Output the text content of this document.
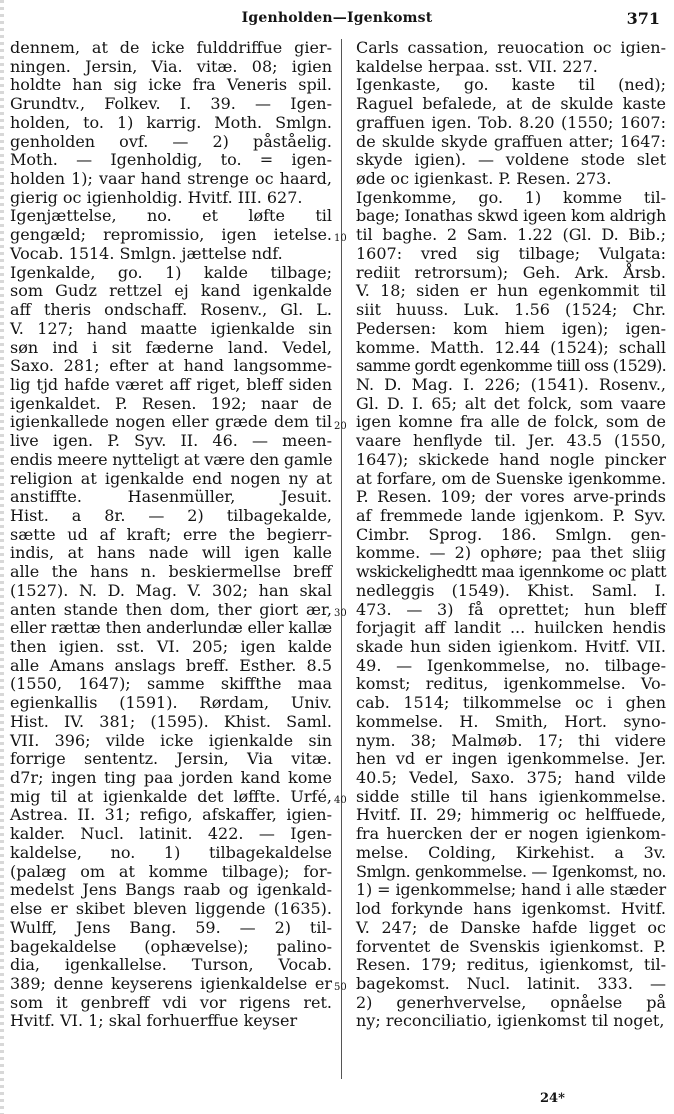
Igenholden—Igenkomst	371
dennem, at de icke fulddriffue gier-
ningen. Jersin, Via. vitæ. 08; igien
holdte han sig icke fra Veneris spil.
Grundtv., Folkev. I. 39. — Igen-
holden, to. 1) karrig. Moth. Smlgn.
genholden ovf. — 2) påståelig.
Moth. — Igenholdig, to. = igen-
holden 1); vaar hand strenge oc haard,
gierig oc igienholdig. Hvitf. III. 627.
Igenjættelse, no. et løfte til
gengæld; repromissio, igen ietelse.
Vocab. 1514. Smlgn. jættelse ndf.
Igenkalde, go. 1) kalde tilbage;
som Gudz rettzel ej kand igenkalde
aff theris ondschaff. Rosenv., Gl. L.
V. 127; hand maatte igienkalde sin
søn ind i sit fæderne land. Vedel,
Saxo. 281; efter at hand langsomme-
lig tjd hafde været aff riget, bleff siden
igenkaldet. P. Resen. 192; naar de
igienkallede nogen eller græde dem til
live igen. P. Syv. II. 46. — meen-
endis meere nytteligt at være den gamle
religion at igenkalde end nogen ny at
anstiffte. Hasenmüller, Jesuit.
Hist. a 8r. — 2) tilbagekalde,
sætte ud af kraft; erre the begierr-
indis, at hans nade will igen kalle
alle the hans n. beskiermellse breff
(1527). N. D. Mag. V. 302; han skal
anten stande then dom, ther giort ær,
eller rættæ then anderlundæ eller kallæ
then igien. sst. VI. 205; igen kalde
alle Amans anslags breff. Esther. 8.5
(1550, 1647); samme skiffthe maa
egienkallis (1591). Rørdam, Univ.
Hist. IV. 381; (1595). Khist. Saml.
VII. 396; vilde icke igienkalde sin
forrige sententz. Jersin, Via vitæ.
d7r; ingen ting paa jorden kand kome
mig til at igienkalde det løffte. Urfé,
Astrea. II. 31; refigo, afskaffer, igien-
kalder. Nucl. latinit. 422. — Igen-
kaldelse, no. 1) tilbagekaldelse
(palæg om at komme tilbage); for-
medelst Jens Bangs raab og igenkald-
else er skibet bleven liggende (1635).
Wulff, Jens Bang. 59. — 2) til-
bagekaldelse (ophævelse); palino-
dia, igenkallelse. Turson, Vocab.
389; denne keyserens igienkaldelse er
som it genbreff vdi vor rigens ret.
Hvitf. VI. 1; skal forhuerffue keyser
Carls cassation, reuocation oc igien-
kaldelse herpaa. sst. VII. 227.
Igenkaste, go. kaste til (ned);
Raguel befalede, at de skulde kaste
graffuen igen. Tob. 8.20 (1550; 1607:
de skulde skyde graffuen atter; 1647:
skyde igien). — voldene stode slet
øde oc igienkast. P. Resen. 273.
Igenkomme, go. 1) komme til-
bage; Ionathas skwd igeen kom aldrigh
til baghe. 2 Sam. 1.22 (Gl. D. Bib.;
1607: vred sig tilbage; Vulgata:
rediit retrorsum); Geh. Ark. Årsb.
V. 18; siden er hun egenkommit til
siit huuss. Luk. 1.56 (1524; Chr.
Pedersen: kom hiem igen); igen-
komme. Matth. 12.44 (1524); schall
samme gordt egenkomme tiill oss (1529).
N. D. Mag. I. 226; (1541). Rosenv.,
Gl. D. I. 65; alt det folck, som vaare
igen komne fra alle de folck, som de
vaare henflyde til. Jer. 43.5 (1550,
1647); skickede hand nogle pincker
at forfare, om de Suenske igenkomme.
P. Resen. 109; der vores arve-prinds
af fremmede lande igjenkom. P. Syv.
Cimbr. Sprog. 186. Smlgn. gen-
komme. — 2) ophøre; paa thet sliig
wskickelighedtt maa igennkome oc platt
nedleggis (1549). Khist. Saml. I.
473. — 3) få oprettet; hun bleff
forjagit aff landit ... huilcken hendis
skade hun siden igienkom. Hvitf. VII.
49. — Igenkommelse, no. tilbage-
komst; reditus, igenkommelse. Vo-
cab. 1514; tilkommelse oc i ghen
kommelse. H. Smith, Hort. syno-
nym. 38; Malmøb. 17; thi videre
hen vd er ingen igenkommelse. Jer.
40.5; Vedel, Saxo. 375; hand vilde
sidde stille til hans igienkommelse.
Hvitf. II. 29; himmerig oc helffuede,
fra huercken der er nogen igienkom-
melse. Colding, Kirkehist. a 3v.
Smlgn. genkommelse. — Igenkomst, no.
1) = igenkommelse; hand i alle stæder
lod forkynde hans igenkomst. Hvitf.
V. 247; de Danske hafde ligget oc
forventet de Svenskis igienkomst. P.
Resen. 179; reditus, igienkomst, til-
bagekomst. Nucl. latinit. 333. —
2) generhvervelse, opnåelse på
ny; reconciliatio, igienkomst til noget,
10
20
30
40
50
24*
